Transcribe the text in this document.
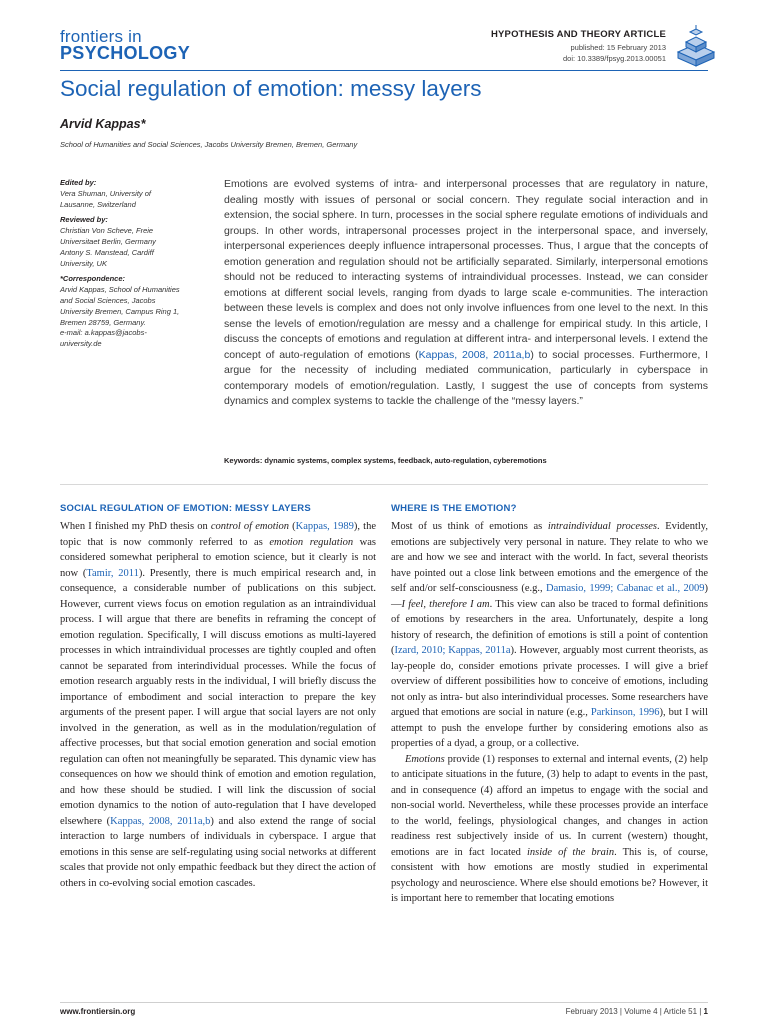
frontiers in
PSYCHOLOGY
HYPOTHESIS AND THEORY ARTICLE
published: 15 February 2013
doi: 10.3389/fpsyg.2013.00051
Social regulation of emotion: messy layers
Arvid Kappas*
School of Humanities and Social Sciences, Jacobs University Bremen, Bremen, Germany

Edited by:

Vera Shuman, University of

Lausanne, Switzerland

Reviewed by:

Christian Von Scheve, Freie

Universitaet Berlin, Germany

Antony S. Manstead, Cardiff

University, UK

*Correspondence:

Arvid Kappas, School of Humanities

and Social Sciences, Jacobs

University Bremen, Campus Ring 1,

Bremen 28759, Germany.

e-mail: a.kappas@jacobs-

university.de

Emotions are evolved systems of intra- and interpersonal processes that are regulatory in nature, dealing mostly with issues of personal or social concern. They regulate social interaction and in extension, the social sphere. In turn, processes in the social sphere regulate emotions of individuals and groups. In other words, intrapersonal processes project in the interpersonal space, and inversely, interpersonal experiences deeply influence intrapersonal processes. Thus, I argue that the concepts of emotion generation and regulation should not be artificially separated. Similarly, interpersonal emotions should not be reduced to interacting systems of intraindividual processes. Instead, we can consider emotions at different social levels, ranging from dyads to large scale e-communities. The interaction between these levels is complex and does not only involve influences from one level to the next. In this sense the levels of emotion/regulation are messy and a challenge for empirical study. In this article, I discuss the concepts of emotions and regulation at different intra- and interpersonal levels. I extend the concept of auto-regulation of emotions (Kappas, 2008, 2011a,b) to social processes. Furthermore, I argue for the necessity of including mediated communication, particularly in cyberspace in contemporary models of emotion/regulation. Lastly, I suggest the use of concepts from systems dynamics and complex systems to tackle the challenge of the “messy layers.”
Keywords: dynamic systems, complex systems, feedback, auto-regulation, cyberemotions
SOCIAL REGULATION OF EMOTION: MESSY LAYERS	WHERE IS THE EMOTION?

When I finished my PhD thesis on control of emotion (Kappas, 1989), the topic that is now commonly referred to as emotion regulation was considered somewhat peripheral to emotion science, but it clearly is not now (Tamir, 2011). Presently, there is much empirical research and, in consequence, a considerable number of publications on this subject. However, current views focus on emotion regulation as an intraindividual process. I will argue that there are benefits in reframing the concept of emotion regulation. Specifically, I will discuss emotions as multi-layered processes in which intraindividual processes are tightly coupled and often cannot be separated from interindividual processes. While the focus of emotion research arguably rests in the individual, I will briefly discuss the importance of embodiment and social interaction to prepare the key arguments of the present paper. I will argue that social layers are not only involved in the generation, as well as in the modulation/regulation of affective processes, but that social emotion generation and social emotion regulation can often not meaningfully be separated. This dynamic view has consequences on how we should think of emotion and emotion regulation, and how these should be studied. I will link the discussion of social emotion dynamics to the notion of auto-regulation that I have developed elsewhere (Kappas, 2008, 2011a,b) and also extend the range of social interaction to large numbers of individuals in cyberspace. I argue that emotions in this sense are self-regulating using social networks at different scales that provide not only empathic feedback but they direct the action of others in co-evolving social emotion cascades.

Most of us think of emotions as intraindividual processes. Evidently, emotions are subjectively very personal in nature. They relate to who we are and how we see and interact with the world. In fact, several theorists have pointed out a close link between emotions and the emergence of the self and/or self-consciousness (e.g., Damasio, 1999; Cabanac et al., 2009)—I feel, therefore I am. This view can also be traced to formal definitions of emotions by researchers in the area. Unfortunately, despite a long history of research, the definition of emotions is still a point of contention (Izard, 2010; Kappas, 2011a). However, arguably most current theorists, as lay-people do, consider emotions private processes. I will give a brief overview of different possibilities how to conceive of emotions, including not only as intra- but also interindividual processes. Some researchers have argued that emotions are social in nature (e.g., Parkinson, 1996), but I will attempt to push the envelope further by considering emotions also as properties of a dyad, a group, or a collective.

Emotions provide (1) responses to external and internal events, (2) help to anticipate situations in the future, (3) help to adapt to events in the past, and in consequence (4) afford an impetus to engage with the social and non-social world. Nevertheless, while these processes provide an interface to the world, feelings, physiological changes, and changes in action readiness rest subjectively inside of us. In current (western) thought, emotions are in fact located inside of the brain. This is, of course, consistent with how emotions are mostly studied in experimental psychology and neuroscience. Where else should emotions be? However, it is important here to remember that locating emotions

www.frontiersin.org	February 2013 | Volume 4 | Article 51 | 1
